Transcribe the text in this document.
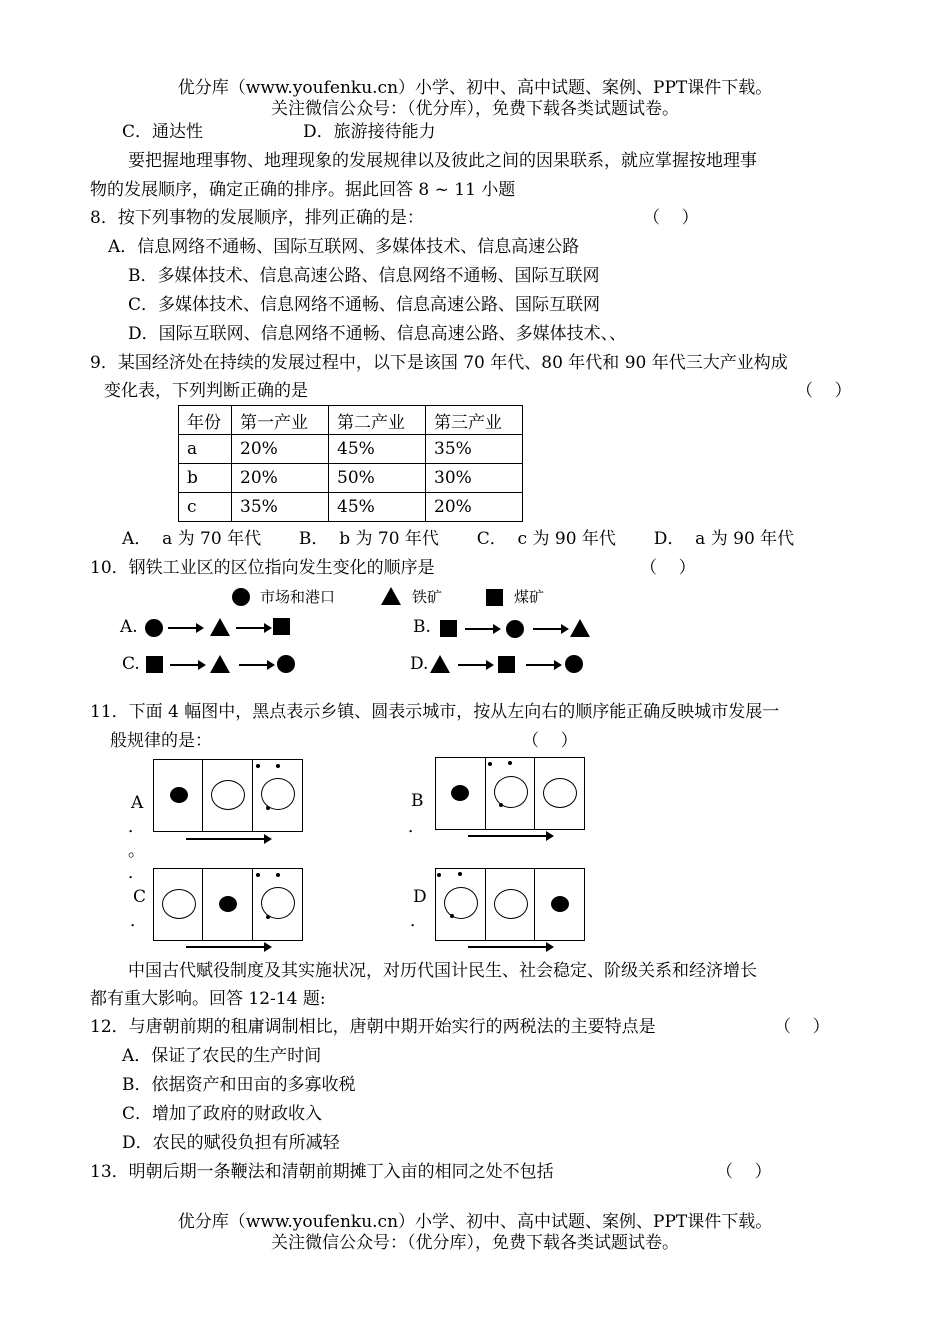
优分库（www.youfenku.cn）小学、初中、高中试题、案例、PPT课件下载。
关注微信公众号：（优分库），免费下载各类试题试卷。
C．通达性	D．旅游接待能力
要把握地理事物、地理现象的发展规律以及彼此之间的因果联系，就应掌握按地理事
物的发展顺序，确定正确的排序。据此回答 8 ~ 11 小题
8．按下列事物的发展顺序，排列正确的是：	（    ）
A．信息网络不通畅、国际互联网、多媒体技术、信息高速公路
B．多媒体技术、信息高速公路、信息网络不通畅、国际互联网
C．多媒体技术、信息网络不通畅、信息高速公路、国际互联网
D．国际互联网、信息网络不通畅、信息高速公路、多媒体技术、、
9．某国经济处在持续的发展过程中，以下是该国 70 年代、80 年代和 90 年代三大产业构成
变化表，下列判断正确的是	（    ）
年份	第一产业	第二产业	第三产业
a	20%	45%	35%
b	20%	50%	30%
c	35%	45%	20%
A．  a 为 70 年代       B．  b 为 70 年代       C．  c 为 90 年代       D．  a 为 90 年代
10．钢铁工业区的区位指向发生变化的顺序是	（    ）
市场和港口	铁矿	煤矿
A.	B.
C.	D.
11．下面 4 幅图中，黑点表示乡镇、圆表示城市，按从左向右的顺序能正确反映城市发展一
般规律的是：	（    ）
A
．
。
．
B
．
C
．
D
．
中国古代赋役制度及其实施状况，对历代国计民生、社会稳定、阶级关系和经济增长
都有重大影响。回答 12-14 题:
12．与唐朝前期的租庸调制相比，唐朝中期开始实行的两税法的主要特点是	（    ）
A．保证了农民的生产时间
B．依据资产和田亩的多寡收税
C．增加了政府的财政收入
D．农民的赋役负担有所减轻
13．明朝后期一条鞭法和清朝前期摊丁入亩的相同之处不包括	（    ）
优分库（www.youfenku.cn）小学、初中、高中试题、案例、PPT课件下载。
关注微信公众号：（优分库），免费下载各类试题试卷。
